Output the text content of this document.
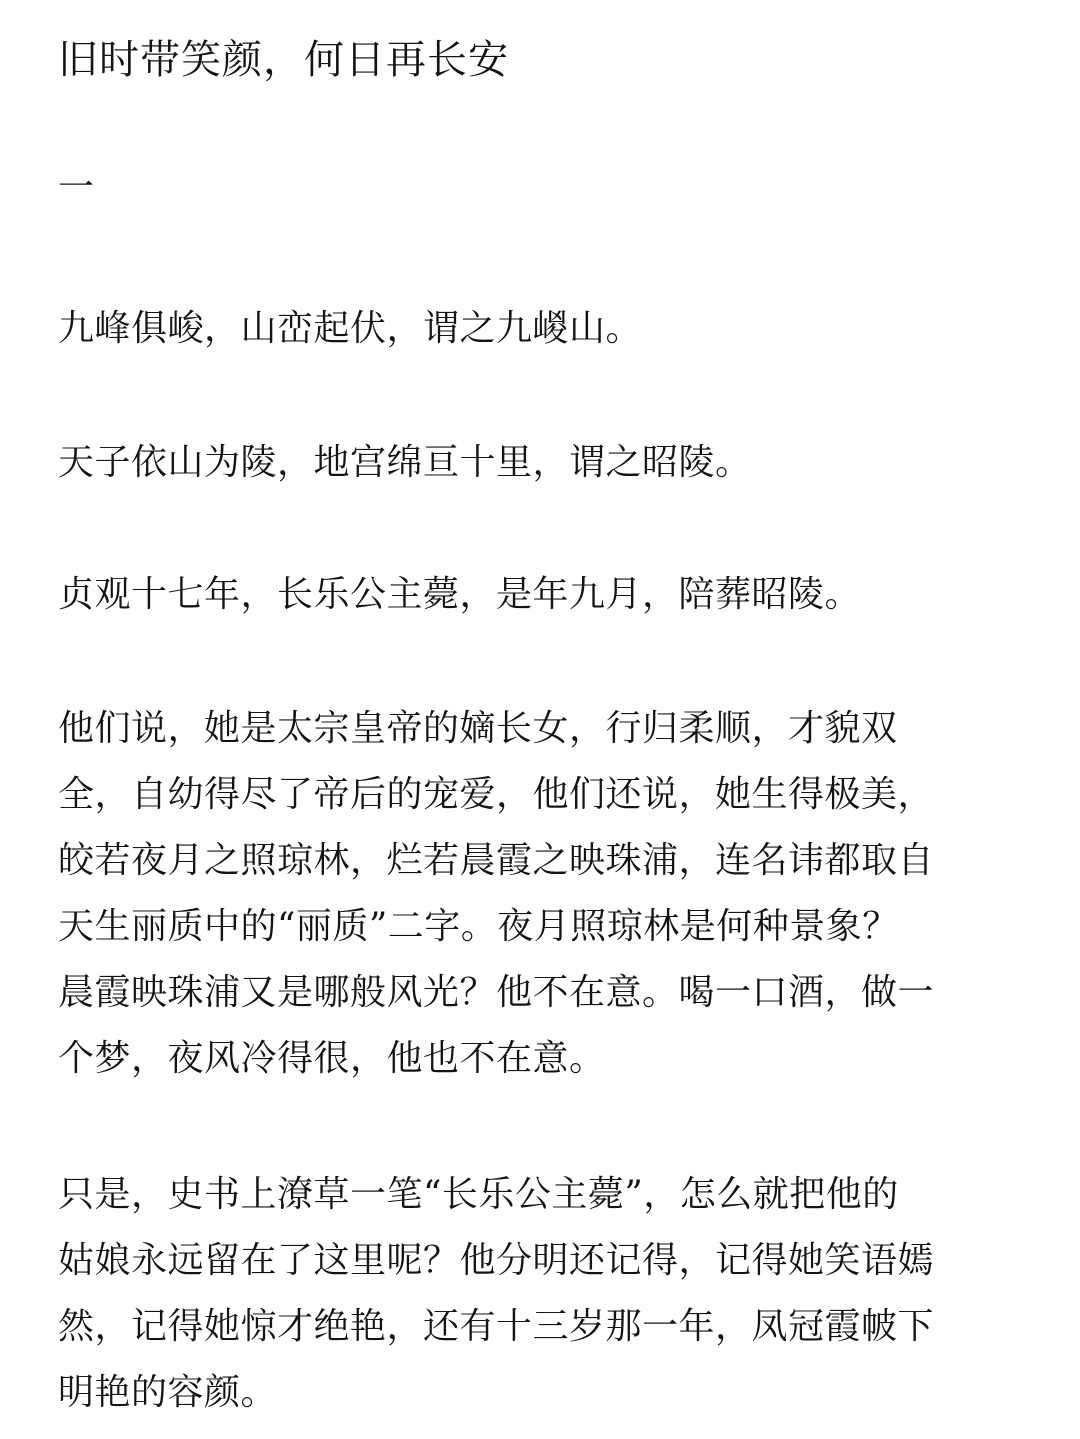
旧时带笑颜，何日再长安
一

九峰俱峻，山峦起伏，谓之九嵕山。

天子依山为陵，地宫绵亘十里，谓之昭陵。

贞观十七年，长乐公主薨，是年九月，陪葬昭陵。

他们说，她是太宗皇帝的嫡长女，行归柔顺，才貌双
全，自幼得尽了帝后的宠爱，他们还说，她生得极美，
皎若夜月之照琼林，烂若晨霞之映珠浦，连名讳都取自
天生丽质中的“丽质”二字。夜月照琼林是何种景象？
晨霞映珠浦又是哪般风光？他不在意。喝一口酒，做一
个梦，夜风冷得很，他也不在意。

只是，史书上潦草一笔“长乐公主薨”，怎么就把他的
姑娘永远留在了这里呢？他分明还记得，记得她笑语嫣
然，记得她惊才绝艳，还有十三岁那一年，凤冠霞帔下
明艳的容颜。
